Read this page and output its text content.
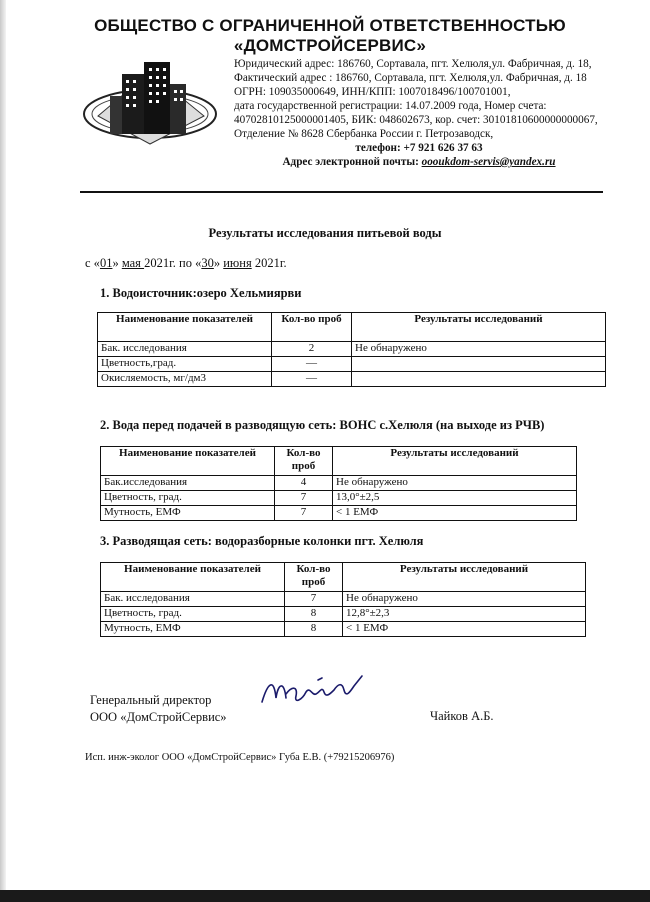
ОБЩЕСТВО С ОГРАНИЧЕННОЙ ОТВЕТСТВЕННОСТЬЮ
«ДОМСТРОЙСЕРВИС»
Юридический адрес: 186760, Сортавала, пгт. Хелюля,ул. Фабричная, д. 18,
Фактический адрес : 186760, Сортавала, пгт. Хелюля,ул. Фабричная, д. 18
ОГРН: 109035000649, ИНН/КПП: 1007018496/100701001,
дата государственной регистрации: 14.07.2009 года, Номер счета:
40702810125000001405, БИК: 048602673, кор. счет: 30101810600000000067,
Отделение № 8628 Сбербанка России г. Петрозаводск,
телефон: +7 921 626 37 63
Адрес электронной почты: oooukdom-servis@yandex.ru
Результаты исследования питьевой воды
с «01» мая 2021г. по «30» июня 2021г.
1. Водоисточник:озеро Хельмиярви
Наименование показателей	Кол-во проб	Результаты исследований
Бак. исследования	2	Не обнаружено
Цветность,град.	—	
Окисляемость, мг/дм3	—	
2. Вода перед подачей в разводящую сеть: ВОНС с.Хелюля (на выходе из РЧВ)
Наименование показателей	Кол-во проб	Результаты исследований
Бак.исследования	4	Не обнаружено
Цветность, град.	7	13,0°±2,5
Мутность, ЕМФ	7	< 1 ЕМФ
3. Разводящая сеть: водоразборные колонки пгт. Хелюля
Наименование показателей	Кол-во проб	Результаты исследований
Бак. исследования	7	Не обнаружено
Цветность, град.	8	12,8°±2,3
Мутность, ЕМФ	8	< 1 ЕМФ
Генеральный директор
ООО «ДомСтройСервис»	Чайков А.Б.
Исп. инж-эколог ООО «ДомСтройСервис» Губа Е.В. (+79215206976)
